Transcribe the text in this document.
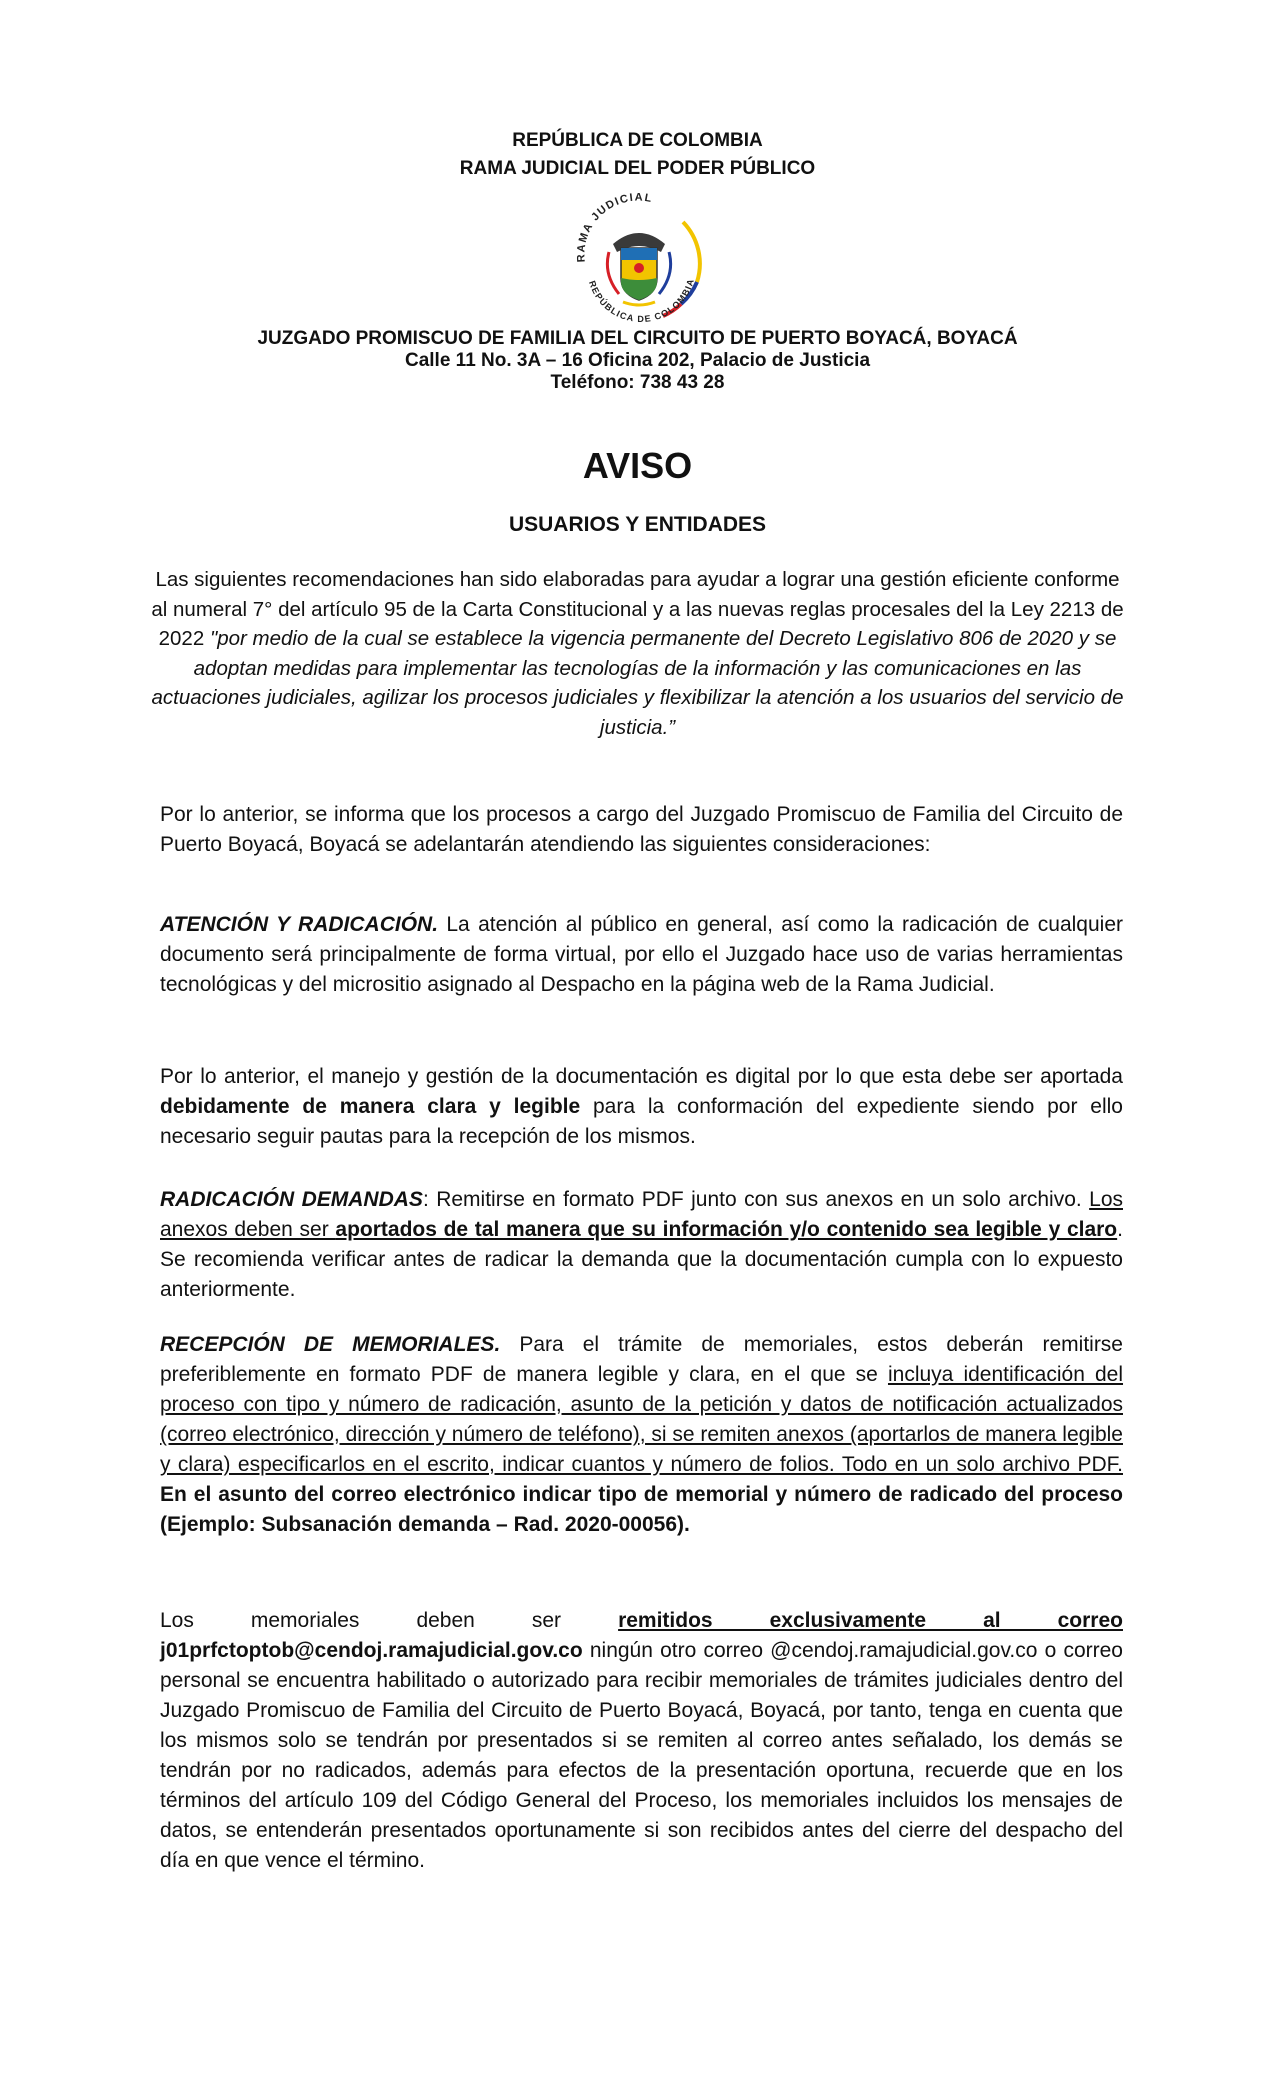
REPÚBLICA DE COLOMBIA
RAMA JUDICIAL DEL PODER PÚBLICO
RAMA JUDICIAL
REPÚBLICA DE COLOMBIA
JUZGADO PROMISCUO DE FAMILIA DEL CIRCUITO DE PUERTO BOYACÁ, BOYACÁ
Calle 11 No. 3A – 16 Oficina 202, Palacio de Justicia
Teléfono: 738 43 28
AVISO
USUARIOS Y ENTIDADES
Las siguientes recomendaciones han sido elaboradas para ayudar a lograr una gestión eficiente conforme al numeral 7° del artículo 95 de la Carta Constitucional y a las nuevas reglas procesales del la Ley 2213 de 2022 "por medio de la cual se establece la vigencia permanente del Decreto Legislativo 806 de 2020 y se adoptan medidas para implementar las tecnologías de la información y las comunicaciones en las actuaciones judiciales, agilizar los procesos judiciales y flexibilizar la atención a los usuarios del servicio de justicia.”
Por lo anterior, se informa que los procesos a cargo del Juzgado Promiscuo de Familia del Circuito de Puerto Boyacá, Boyacá se adelantarán atendiendo las siguientes consideraciones:
ATENCIÓN Y RADICACIÓN. La atención al público en general, así como la radicación de cualquier documento será principalmente de forma virtual, por ello el Juzgado hace uso de varias herramientas tecnológicas y del micrositio asignado al Despacho en la página web de la Rama Judicial.
Por lo anterior, el manejo y gestión de la documentación es digital por lo que esta debe ser aportada debidamente de manera clara y legible para la conformación del expediente siendo por ello necesario seguir pautas para la recepción de los mismos.
RADICACIÓN DEMANDAS: Remitirse en formato PDF junto con sus anexos en un solo archivo. Los anexos deben ser aportados de tal manera que su información y/o contenido sea legible y claro. Se recomienda verificar antes de radicar la demanda que la documentación cumpla con lo expuesto anteriormente.
RECEPCIÓN DE MEMORIALES. Para el trámite de memoriales, estos deberán remitirse preferiblemente en formato PDF de manera legible y clara, en el que se incluya identificación del proceso con tipo y número de radicación, asunto de la petición y datos de notificación actualizados (correo electrónico, dirección y número de teléfono), si se remiten anexos (aportarlos de manera legible y clara) especificarlos en el escrito, indicar cuantos y número de folios. Todo en un solo archivo PDF. En el asunto del correo electrónico indicar tipo de memorial y número de radicado del proceso (Ejemplo: Subsanación demanda – Rad. 2020-00056).
Los memoriales deben ser remitidos exclusivamente al correo j01prfctoptob@cendoj.ramajudicial.gov.co ningún otro correo @cendoj.ramajudicial.gov.co o correo personal se encuentra habilitado o autorizado para recibir memoriales de trámites judiciales dentro del Juzgado Promiscuo de Familia del Circuito de Puerto Boyacá, Boyacá, por tanto, tenga en cuenta que los mismos solo se tendrán por presentados si se remiten al correo antes señalado, los demás se tendrán por no radicados, además para efectos de la presentación oportuna, recuerde que en los términos del artículo 109 del Código General del Proceso, los memoriales incluidos los mensajes de datos, se entenderán presentados oportunamente si son recibidos antes del cierre del despacho del día en que vence el término.
